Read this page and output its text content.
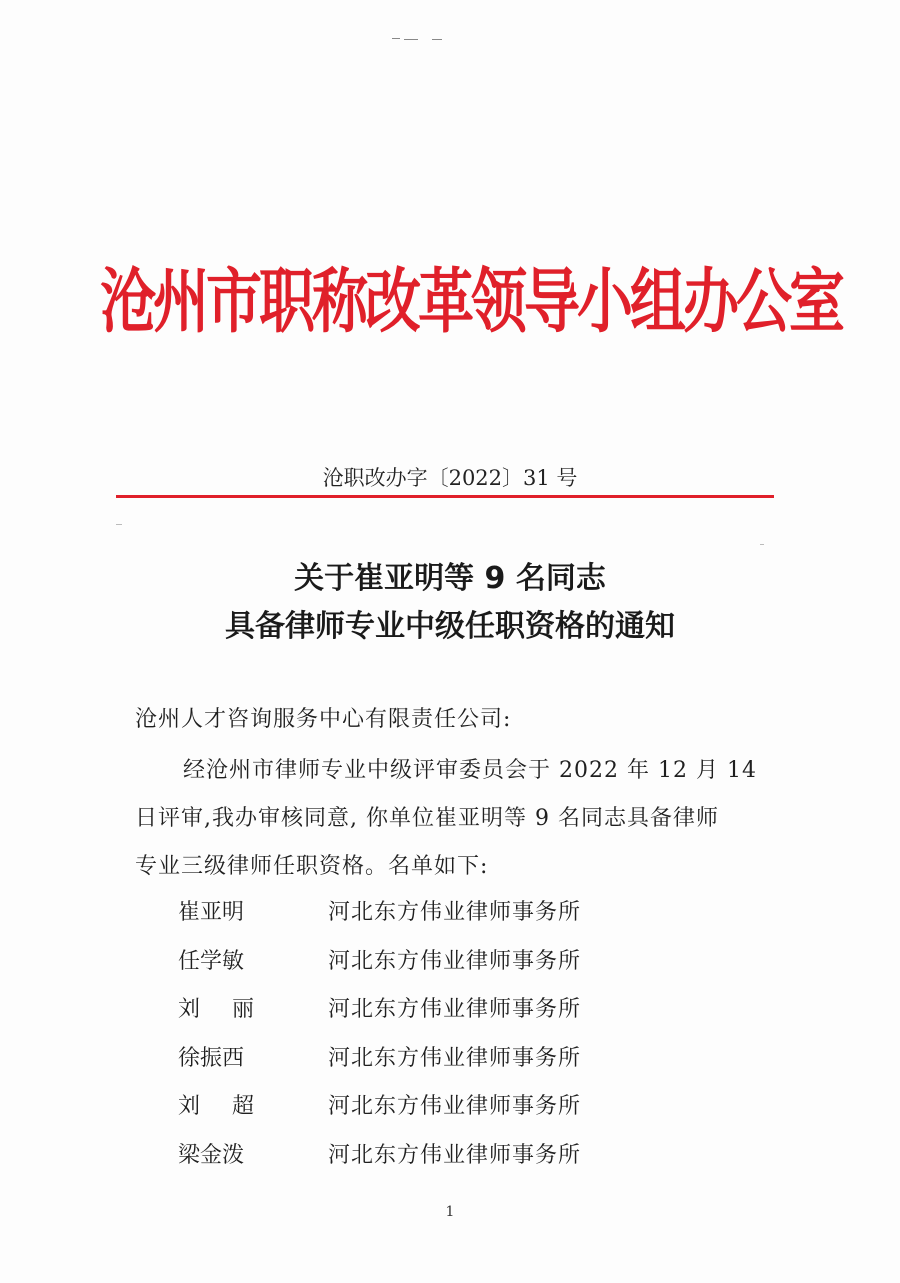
沧州市职称改革领导小组办公室
沧职改办字〔2022〕31 号
关于崔亚明等 9 名同志
具备律师专业中级任职资格的通知
沧州人才咨询服务中心有限责任公司:
经沧州市律师专业中级评审委员会于 2022 年 12 月 14
日评审,我办审核同意, 你单位崔亚明等 9 名同志具备律师
专业三级律师任职资格。名单如下:
崔亚明	河北东方伟业律师事务所
任学敏	河北东方伟业律师事务所
刘 丽	河北东方伟业律师事务所
徐振西	河北东方伟业律师事务所
刘 超	河北东方伟业律师事务所
梁金泼	河北东方伟业律师事务所
1
